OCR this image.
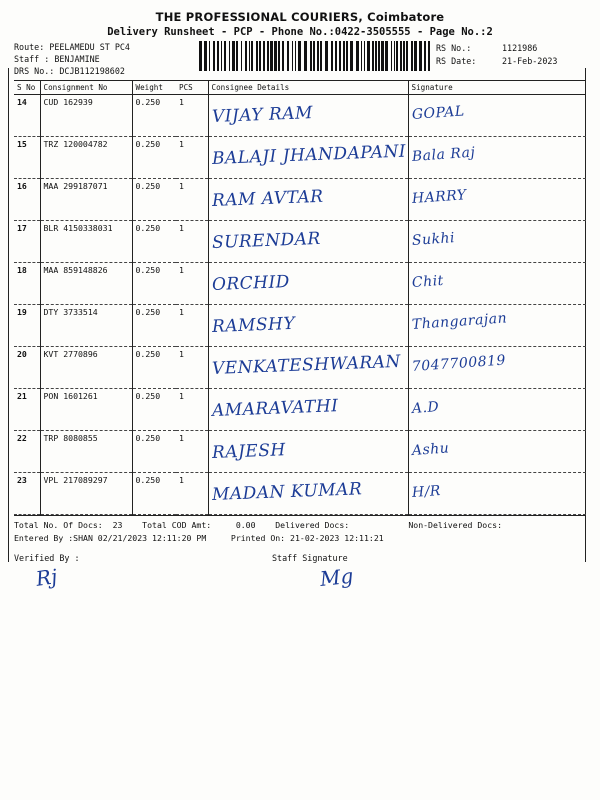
THE PROFESSIONAL COURIERS, Coimbatore
Delivery Runsheet - PCP - Phone No.:0422-3505555 - Page No.:2
Route: PEELAMEDU ST PC4
Staff : BENJAMINE
DRS No.: DCJB112198602
RS No.:	1121986
RS Date:	21-Feb-2023
S No	Consignment No	Weight	PCS	Consignee Details	Signature
14	CUD 162939	0.250	1	VIJAY RAM	GOPAL

15	TRZ 120004782	0.250	1	BALAJI JHANDAPANI	Bala Raj

16	MAA 299187071	0.250	1	RAM AVTAR	HARRY

17	BLR 4150338031	0.250	1	SURENDAR	Sukhi

18	MAA 859148826	0.250	1	ORCHID	Chit

19	DTY 3733514	0.250	1	RAMSHY	Thangarajan

20	KVT 2770896	0.250	1	VENKATESHWARAN	7047700819

21	PON 1601261	0.250	1	AMARAVATHI	A.D

22	TRP 8080855	0.250	1	RAJESH	Ashu

23	VPL 217089297	0.250	1	MADAN KUMAR	H/R
Total No. Of Docs:  23    Total COD Amt:     0.00    Delivered Docs:            Non-Delivered Docs:
Entered By :SHAN 02/21/2023 12:11:20 PM     Printed On: 21-02-2023 12:11:21
Verified By :
Rj
Staff Signature
Mg
